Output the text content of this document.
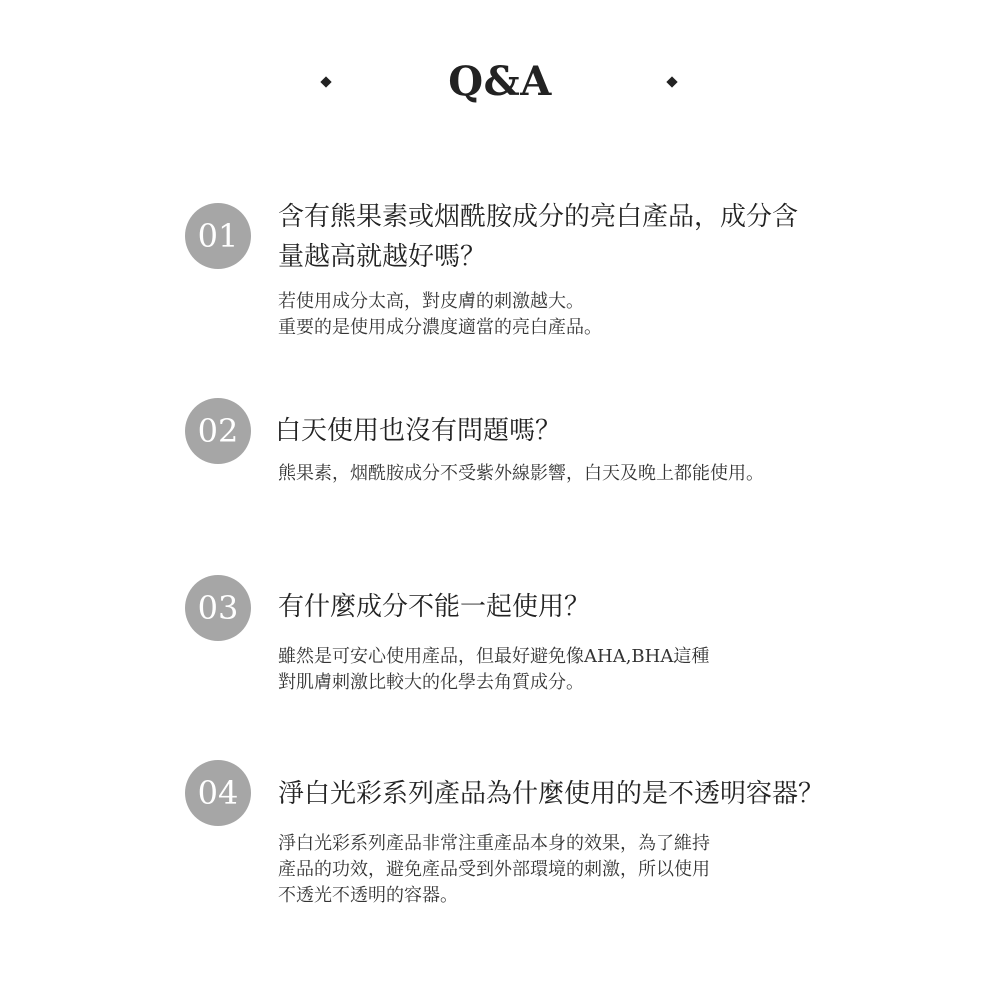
Q&A
01	含有熊果素或烟酰胺成分的亮白產品，成分含
量越高就越好嗎？
若使用成分太高，對皮膚的刺激越大。
重要的是使用成分濃度適當的亮白產品。
02	白天使用也沒有問題嗎？
熊果素，烟酰胺成分不受紫外線影響，白天及晚上都能使用。
03	有什麼成分不能一起使用？
雖然是可安心使用產品，但最好避免像AHA,BHA這種
對肌膚刺激比較大的化學去角質成分。
04	淨白光彩系列產品為什麼使用的是不透明容器？
淨白光彩系列產品非常注重產品本身的效果，為了維持
產品的功效，避免產品受到外部環境的刺激，所以使用
不透光不透明的容器。
